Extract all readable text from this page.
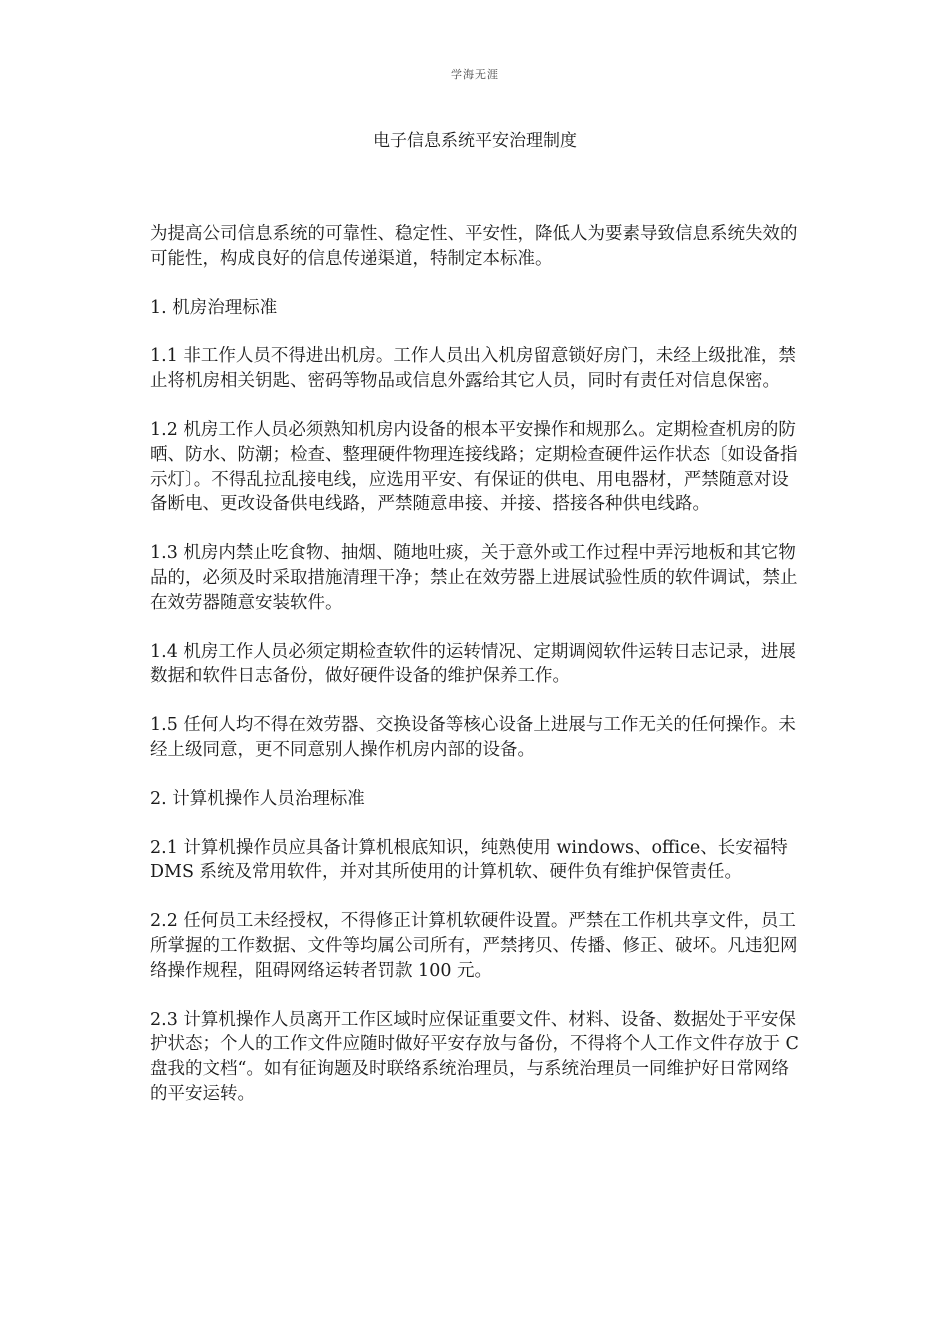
学海无涯
电子信息系统平安治理制度

为提高公司信息系统的可靠性、稳定性、平安性，降低人为要素导致信息系统失效的可能性，构成良好的信息传递渠道，特制定本标准。

1. 机房治理标准

1.1 非工作人员不得进出机房。工作人员出入机房留意锁好房门，未经上级批准，禁止将机房相关钥匙、密码等物品或信息外露给其它人员，同时有责任对信息保密。

1.2 机房工作人员必须熟知机房内设备的根本平安操作和规那么。定期检查机房的防晒、防水、防潮；检查、整理硬件物理连接线路；定期检查硬件运作状态〔如设备指示灯〕。不得乱拉乱接电线，应选用平安、有保证的供电、用电器材，严禁随意对设备断电、更改设备供电线路，严禁随意串接、并接、搭接各种供电线路。

1.3 机房内禁止吃食物、抽烟、随地吐痰，关于意外或工作过程中弄污地板和其它物品的，必须及时采取措施清理干净；禁止在效劳器上进展试验性质的软件调试，禁止在效劳器随意安装软件。

1.4 机房工作人员必须定期检查软件的运转情况、定期调阅软件运转日志记录，进展数据和软件日志备份，做好硬件设备的维护保养工作。

1.5 任何人均不得在效劳器、交换设备等核心设备上进展与工作无关的任何操作。未经上级同意，更不同意别人操作机房内部的设备。

2. 计算机操作人员治理标准

2.1 计算机操作员应具备计算机根底知识，纯熟使用 windows、office、长安福特 DMS 系统及常用软件，并对其所使用的计算机软、硬件负有维护保管责任。

2.2 任何员工未经授权，不得修正计算机软硬件设置。严禁在工作机共享文件，员工所掌握的工作数据、文件等均属公司所有，严禁拷贝、传播、修正、破坏。凡违犯网络操作规程，阻碍网络运转者罚款 100 元。

2.3 计算机操作人员离开工作区域时应保证重要文件、材料、设备、数据处于平安保护状态；个人的工作文件应随时做好平安存放与备份，不得将个人工作文件存放于 C 盘我的文档“。如有征询题及时联络系统治理员，与系统治理员一同维护好日常网络的平安运转。
